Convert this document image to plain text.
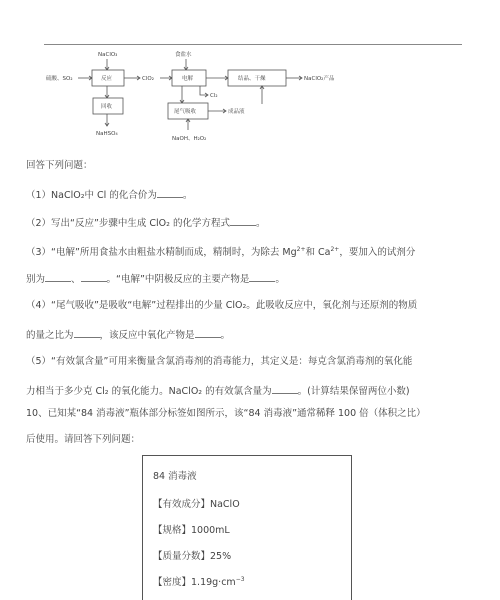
NaClO₃
硫酸、SO₂	反应	ClO₂
食盐水
电解
Cl₂
结晶、干燥	NaClO₂产品
回收
NaHSO₄
尾气吸收
NaOH、H₂O₂
成品液
回答下列问题：
（1）NaClO₂中 Cl 的化合价为	。
（2）写出“反应”步骤中生成 ClO₂ 的化学方程式	。
（3）“电解”所用食盐水由粗盐水精制而成，精制时，为除去 $Mg^{2+}$和 $Ca^{2+}$，要加入的试剂分
别为	、	。“电解”中阴极反应的主要产物是	。
（4）“尾气吸收”是吸收“电解”过程排出的少量 ClO₂。此吸收反应中，氧化剂与还原剂的物质
的量之比为	，该反应中氧化产物是	。
（5）“有效氯含量”可用来衡量含氯消毒剂的消毒能力，其定义是：每克含氯消毒剂的氧化能
力相当于多少克 Cl₂ 的氧化能力。NaClO₂ 的有效氯含量为	。(计算结果保留两位小数)
10、已知某“84 消毒液”瓶体部分标签如图所示，该“84 消毒液”通常稀释 100 倍（体积之比）
后使用。请回答下列问题：
84 消毒液
【有效成分】NaClO
【规格】1000mL
【质量分数】25%
【密度】$1.19g\cdot cm^{-3}$
